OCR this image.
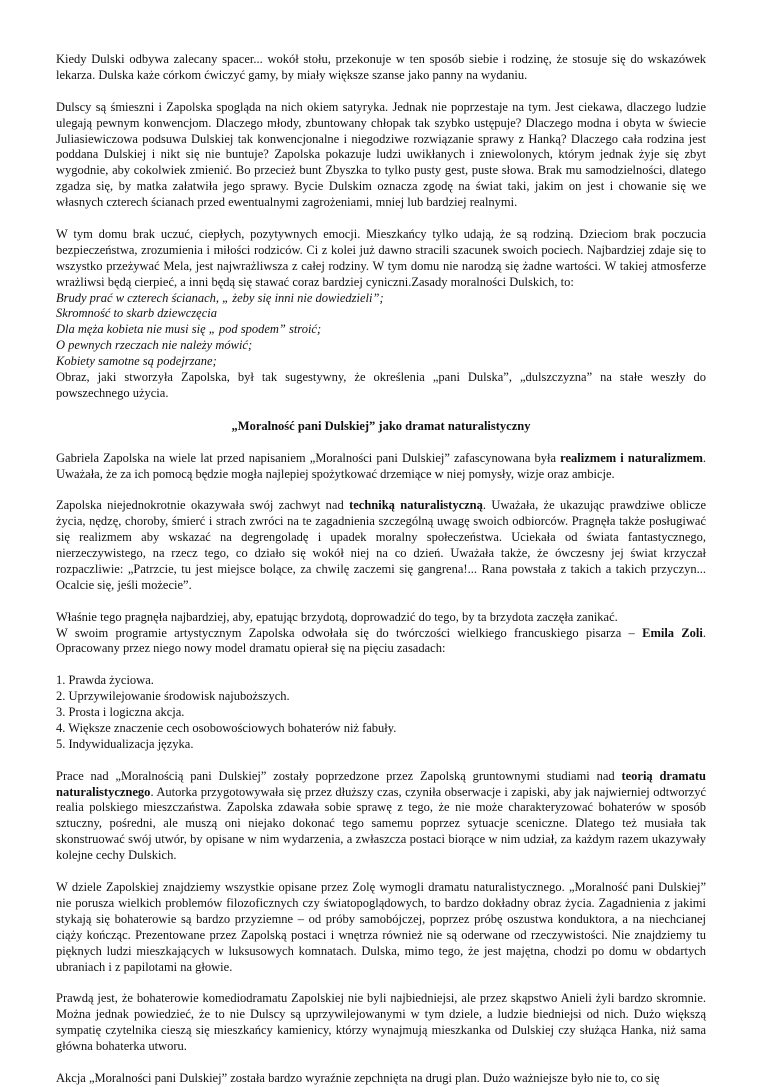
Kiedy Dulski odbywa zalecany spacer... wokół stołu, przekonuje w ten sposób siebie i rodzinę, że stosuje się do wskazówek lekarza. Dulska każe córkom ćwiczyć gamy, by miały większe szanse jako panny na wydaniu.

Dulscy są śmieszni i Zapolska spogląda na nich okiem satyryka. Jednak nie poprzestaje na tym. Jest ciekawa, dlaczego ludzie ulegają pewnym konwencjom. Dlaczego młody, zbuntowany chłopak tak szybko ustępuje? Dlaczego modna i obyta w świecie Juliasiewiczowa podsuwa Dulskiej tak konwencjonalne i niegodziwe rozwiązanie sprawy z Hanką? Dlaczego cała rodzina jest poddana Dulskiej i nikt się nie buntuje? Zapolska pokazuje ludzi uwikłanych i zniewolonych, którym jednak żyje się zbyt wygodnie, aby cokolwiek zmienić. Bo przecież bunt Zbyszka to tylko pusty gest, puste słowa. Brak mu samodzielności, dlatego zgadza się, by matka załatwiła jego sprawy. Bycie Dulskim oznacza zgodę na świat taki, jakim on jest i chowanie się we własnych czterech ścianach przed ewentualnymi zagrożeniami, mniej lub bardziej realnymi.

W tym domu brak uczuć, ciepłych, pozytywnych emocji. Mieszkańcy tylko udają, że są rodziną. Dzieciom brak poczucia bezpieczeństwa, zrozumienia i miłości rodziców. Ci z kolei już dawno stracili szacunek swoich pociech. Najbardziej zdaje się to wszystko przeżywać Mela, jest najwrażliwsza z całej rodziny. W tym domu nie narodzą się żadne wartości. W takiej atmosferze wrażliwsi będą cierpieć, a inni będą się stawać coraz bardziej cyniczni.Zasady moralności Dulskich, to:

Brudy prać w czterech ścianach, „ żeby się inni nie dowiedzieli”;
Skromność to skarb dziewczęcia
Dla męża kobieta nie musi się „ pod spodem” stroić;
O pewnych rzeczach nie należy mówić;
Kobiety samotne są podejrzane;

Obraz, jaki stworzyła Zapolska, był tak sugestywny, że określenia „pani Dulska”, „dulszczyzna” na stałe weszły do powszechnego użycia.

„Moralność pani Dulskiej” jako dramat naturalistyczny

Gabriela Zapolska na wiele lat przed napisaniem „Moralności pani Dulskiej” zafascynowana była realizmem i naturalizmem. Uważała, że za ich pomocą będzie mogła najlepiej spożytkować drzemiące w niej pomysły, wizje oraz ambicje.

Zapolska niejednokrotnie okazywała swój zachwyt nad techniką naturalistyczną. Uważała, że ukazując prawdziwe oblicze życia, nędzę, choroby, śmierć i strach zwróci na te zagadnienia szczególną uwagę swoich odbiorców. Pragnęła także posługiwać się realizmem aby wskazać na degrengoladę i upadek moralny społeczeństwa. Uciekała od świata fantastycznego, nierzeczywistego, na rzecz tego, co działo się wokół niej na co dzień. Uważała także, że ówczesny jej świat krzyczał rozpaczliwie: „Patrzcie, tu jest miejsce bolące, za chwilę zaczemi się gangrena!... Rana powstała z takich a takich przyczyn... Ocalcie się, jeśli możecie”.

Właśnie tego pragnęła najbardziej, aby, epatując brzydotą, doprowadzić do tego, by ta brzydota zaczęła zanikać.
W swoim programie artystycznym Zapolska odwołała się do twórczości wielkiego francuskiego pisarza – Emila Zoli. Opracowany przez niego nowy model dramatu opierał się na pięciu zasadach:

1. Prawda życiowa.
2. Uprzywilejowanie środowisk najuboższych.
3. Prosta i logiczna akcja.
4. Większe znaczenie cech osobowościowych bohaterów niż fabuły.
5. Indywidualizacja języka.

Prace nad „Moralnością pani Dulskiej” zostały poprzedzone przez Zapolską gruntownymi studiami nad teorią dramatu naturalistycznego. Autorka przygotowywała się przez dłuższy czas, czyniła obserwacje i zapiski, aby jak najwierniej odtworzyć realia polskiego mieszczaństwa. Zapolska zdawała sobie sprawę z tego, że nie może charakteryzować bohaterów w sposób sztuczny, pośredni, ale muszą oni niejako dokonać tego samemu poprzez sytuacje sceniczne. Dlatego też musiała tak skonstruować swój utwór, by opisane w nim wydarzenia, a zwłaszcza postaci biorące w nim udział, za każdym razem ukazywały kolejne cechy Dulskich.

W dziele Zapolskiej znajdziemy wszystkie opisane przez Zolę wymogli dramatu naturalistycznego. „Moralność pani Dulskiej” nie porusza wielkich problemów filozoficznych czy światopoglądowych, to bardzo dokładny obraz życia. Zagadnienia z jakimi stykają się bohaterowie są bardzo przyziemne – od próby samobójczej, poprzez próbę oszustwa konduktora, a na niechcianej ciąży kończąc. Prezentowane przez Zapolską postaci i wnętrza również nie są oderwane od rzeczywistości. Nie znajdziemy tu pięknych ludzi mieszkających w luksusowych komnatach. Dulska, mimo tego, że jest majętna, chodzi po domu w obdartych ubraniach i z papilotami na głowie.

Prawdą jest, że bohaterowie komediodramatu Zapolskiej nie byli najbiedniejsi, ale przez skąpstwo Anieli żyli bardzo skromnie. Można jednak powiedzieć, że to nie Dulscy są uprzywilejowanymi w tym dziele, a ludzie biedniejsi od nich. Dużo większą sympatię czytelnika cieszą się mieszkańcy kamienicy, którzy wynajmują mieszkanka od Dulskiej czy służąca Hanka, niż sama główna bohaterka utworu.

Akcja „Moralności pani Dulskiej” została bardzo wyraźnie zepchnięta na drugi plan. Dużo ważniejsze było nie to, co się
